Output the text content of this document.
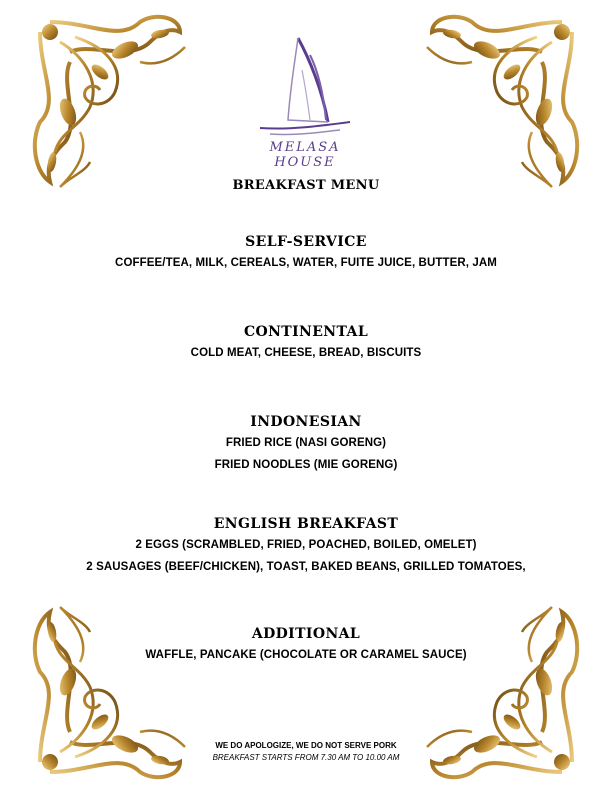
MELASA HOUSE
BREAKFAST MENU
SELF-SERVICE

COFFEE/TEA, MILK, CEREALS, WATER, FUITE JUICE, BUTTER, JAM

CONTINENTAL

COLD MEAT, CHEESE, BREAD, BISCUITS

INDONESIAN

FRIED RICE (NASI GORENG)

FRIED NOODLES (MIE GORENG)

ENGLISH BREAKFAST

2 EGGS (SCRAMBLED, FRIED, POACHED, BOILED, OMELET)

2 SAUSAGES (BEEF/CHICKEN), TOAST, BAKED BEANS, GRILLED TOMATOES,

ADDITIONAL

WAFFLE, PANCAKE (CHOCOLATE OR CARAMEL SAUCE)

WE DO APOLOGIZE, WE DO NOT SERVE PORK
BREAKFAST STARTS FROM 7.30 AM TO 10.00 AM
